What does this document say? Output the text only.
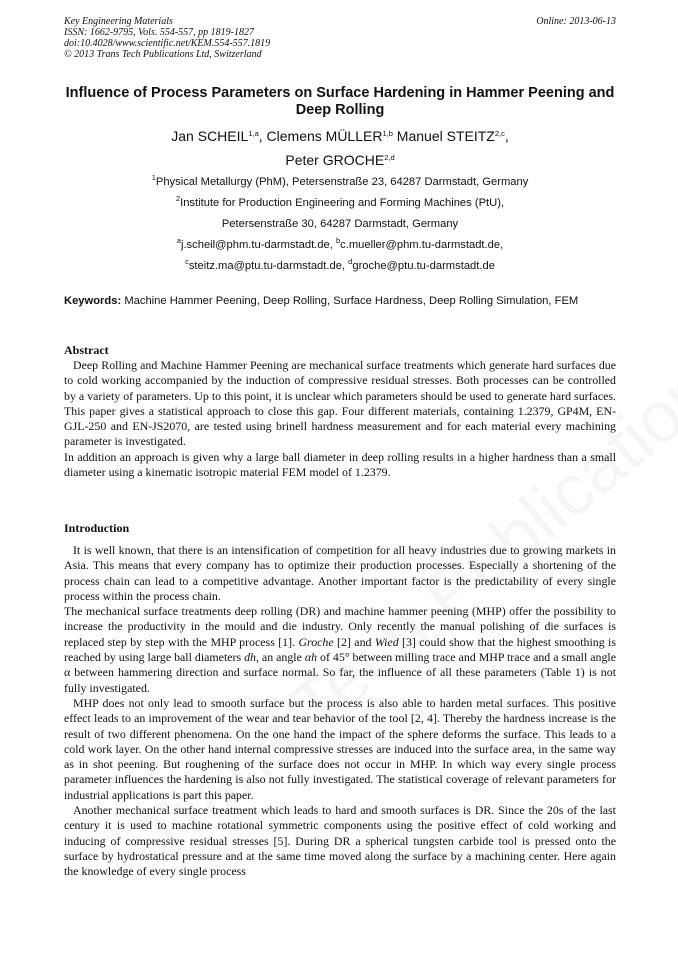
Key Engineering Materials
ISSN: 1662-9795, Vols. 554-557, pp 1819-1827
doi:10.4028/www.scientific.net/KEM.554-557.1819
© 2013 Trans Tech Publications Ltd, Switzerland
Online: 2013-06-13
Influence of Process Parameters on Surface Hardening in Hammer Peening and Deep Rolling
Jan SCHEIL$^{1,a}$, Clemens MÜLLER$^{1,b}$ Manuel STEITZ$^{2,c}$,
Peter GROCHE$^{2,d}$
$^1$Physical Metallurgy (PhM), Petersenstraße 23, 64287 Darmstadt, Germany
$^2$Institute for Production Engineering and Forming Machines (PtU),
Petersenstraße 30, 64287 Darmstadt, Germany
$^a$j.scheil@phm.tu-darmstadt.de, $^b$c.mueller@phm.tu-darmstadt.de,
$^c$steitz.ma@ptu.tu-darmstadt.de, $^d$groche@ptu.tu-darmstadt.de
Keywords: Machine Hammer Peening, Deep Rolling, Surface Hardness, Deep Rolling Simulation, FEM
Abstract

Deep Rolling and Machine Hammer Peening are mechanical surface treatments which generate hard surfaces due to cold working accompanied by the induction of compressive residual stresses. Both processes can be controlled by a variety of parameters. Up to this point, it is unclear which parameters should be used to generate hard surfaces. This paper gives a statistical approach to close this gap. Four different materials, containing 1.2379, GP4M, EN-GJL-250 and EN-JS2070, are tested using brinell hardness measurement and for each material every machining parameter is investigated.

In addition an approach is given why a large ball diameter in deep rolling results in a higher hardness than a small diameter using a kinematic isotropic material FEM model of 1.2379.

Introduction

It is well known, that there is an intensification of competition for all heavy industries due to growing markets in Asia. This means that every company has to optimize their production processes. Especially a shortening of the process chain can lead to a competitive advantage. Another important factor is the predictability of every single process within the process chain.

The mechanical surface treatments deep rolling (DR) and machine hammer peening (MHP) offer the possibility to increase the productivity in the mould and die industry. Only recently the manual polishing of die surfaces is replaced step by step with the MHP process [1]. Groche [2] and Wied [3] could show that the highest smoothing is reached by using large ball diameters dh, an angle αh of 45° between milling trace and MHP trace and a small angle α between hammering direction and surface normal. So far, the influence of all these parameters (Table 1) is not fully investigated.

MHP does not only lead to smooth surface but the process is also able to harden metal surfaces. This positive effect leads to an improvement of the wear and tear behavior of the tool [2, 4]. Thereby the hardness increase is the result of two different phenomena. On the one hand the impact of the sphere deforms the surface. This leads to a cold work layer. On the other hand internal compressive stresses are induced into the surface area, in the same way as in shot peening. But roughening of the surface does not occur in MHP. In which way every single process parameter influences the hardening is also not fully investigated. The statistical coverage of relevant parameters for industrial applications is part this paper.

Another mechanical surface treatment which leads to hard and smooth surfaces is DR. Since the 20s of the last century it is used to machine rotational symmetric components using the positive effect of cold working and inducing of compressive residual stresses [5]. During DR a spherical tungsten carbide tool is pressed onto the surface by hydrostatical pressure and at the same time moved along the surface by a machining center. Here again the knowledge of every single process
